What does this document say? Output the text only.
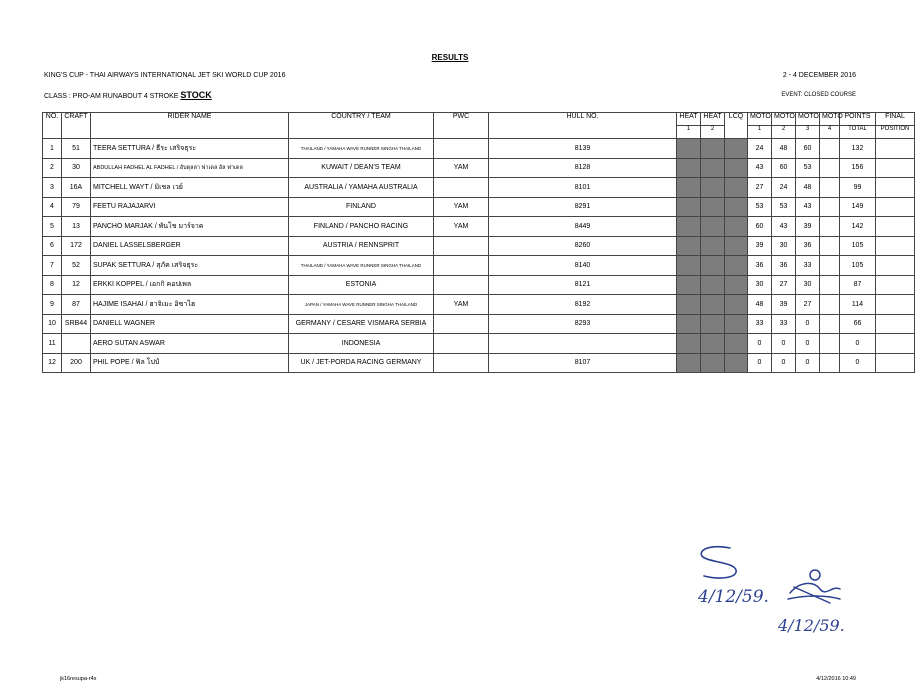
RESULTS
KING'S CUP - THAI AIRWAYS INTERNATIONAL JET SKI WORLD CUP 2016	2 - 4 DECEMBER 2016
CLASS : PRO-AM RUNABOUT 4 STROKE STOCK	EVENT: CLOSED COURSE
NO.	CRAFT	RIDER NAME	COUNTRY / TEAM	PWC	HULL NO.	HEAT	HEAT	LCQ	MOTO	MOTO	MOTO	MOTO	POINTS	FINAL
						1	2		1	2	3	4	TOTAL	POSITION
1	51	TEERA SETTURA / ธีระ เสริจธุระ	THAILAND / YAMAHA WAVE RUNNER SINGHA THAILAND		8139				24	48	60		132	
2	30	ABDULLAH FADHEL AL FADHEL / อับดุลลา ฟาเดล อัล ฟาเดล	KUWAIT / DEAN'S TEAM	YAM	8128				43	60	53		156	
3	16A	MITCHELL WAYT / มิเชล เวย์	AUSTRALIA / YAMAHA AUSTRALIA		8101				27	24	48		99	
4	79	FEETU RAJAJARVI	FINLAND	YAM	8291				53	53	43		149	
5	13	PANCHO MARJAK / พันโช มาร์จาค	FINLAND / PANCHO RACING	YAM	8449				60	43	39		142	
6	172	DANIEL LASSELSBERGER	AUSTRIA / RENNSPRIT		8260				39	30	36		105	
7	52	SUPAK SETTURA / สุภัค เสริจธุระ	THAILAND / YAMAHA WAVE RUNNER SINGHA THAILAND		8140				36	36	33		105	
8	12	ERKKI KOPPEL / เอกกิ คอปเพล	ESTONIA		8121				30	27	30		87	
9	87	HAJIME ISAHAI / ฮาจิเมะ อิซาไฮ	JAPAN / YAMAHA WAVE RUNNER SINGHA THAILAND	YAM	8192				48	39	27		114	
10	SRB44	DANIELL WAGNER	GERMANY / CESARE VISMARA SERBIA		8293				33	33	0		66	
11		AERO SUTAN ASWAR	INDONESIA						0	0	0		0	
12	200	PHIL POPE / ฟิล โปป์	UK / JET-PORDA RACING GERMANY		8107				0	0	0		0	
4/12/59.
4/12/59.
jk16resupa-r4s	4/12/2016 10:49
